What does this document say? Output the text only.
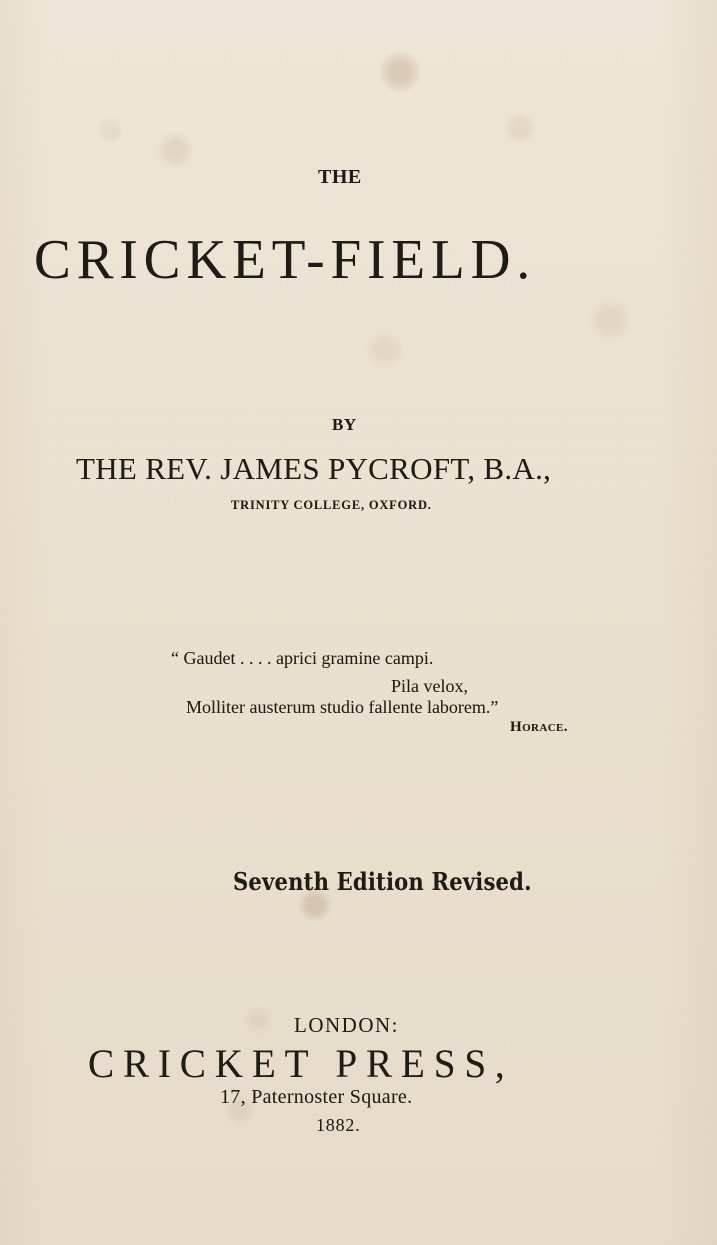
THE
CRICKET-FIELD.
BY
THE REV. JAMES PYCROFT, B.A.,
TRINITY COLLEGE, OXFORD.
“ Gaudet . . . . aprici gramine campi.
Pila velox,
Molliter austerum studio fallente laborem.”
Horace.
Seventh Edition Revised.
LONDON:
CRICKET PRESS,
17, Paternoster Square.
1882.
